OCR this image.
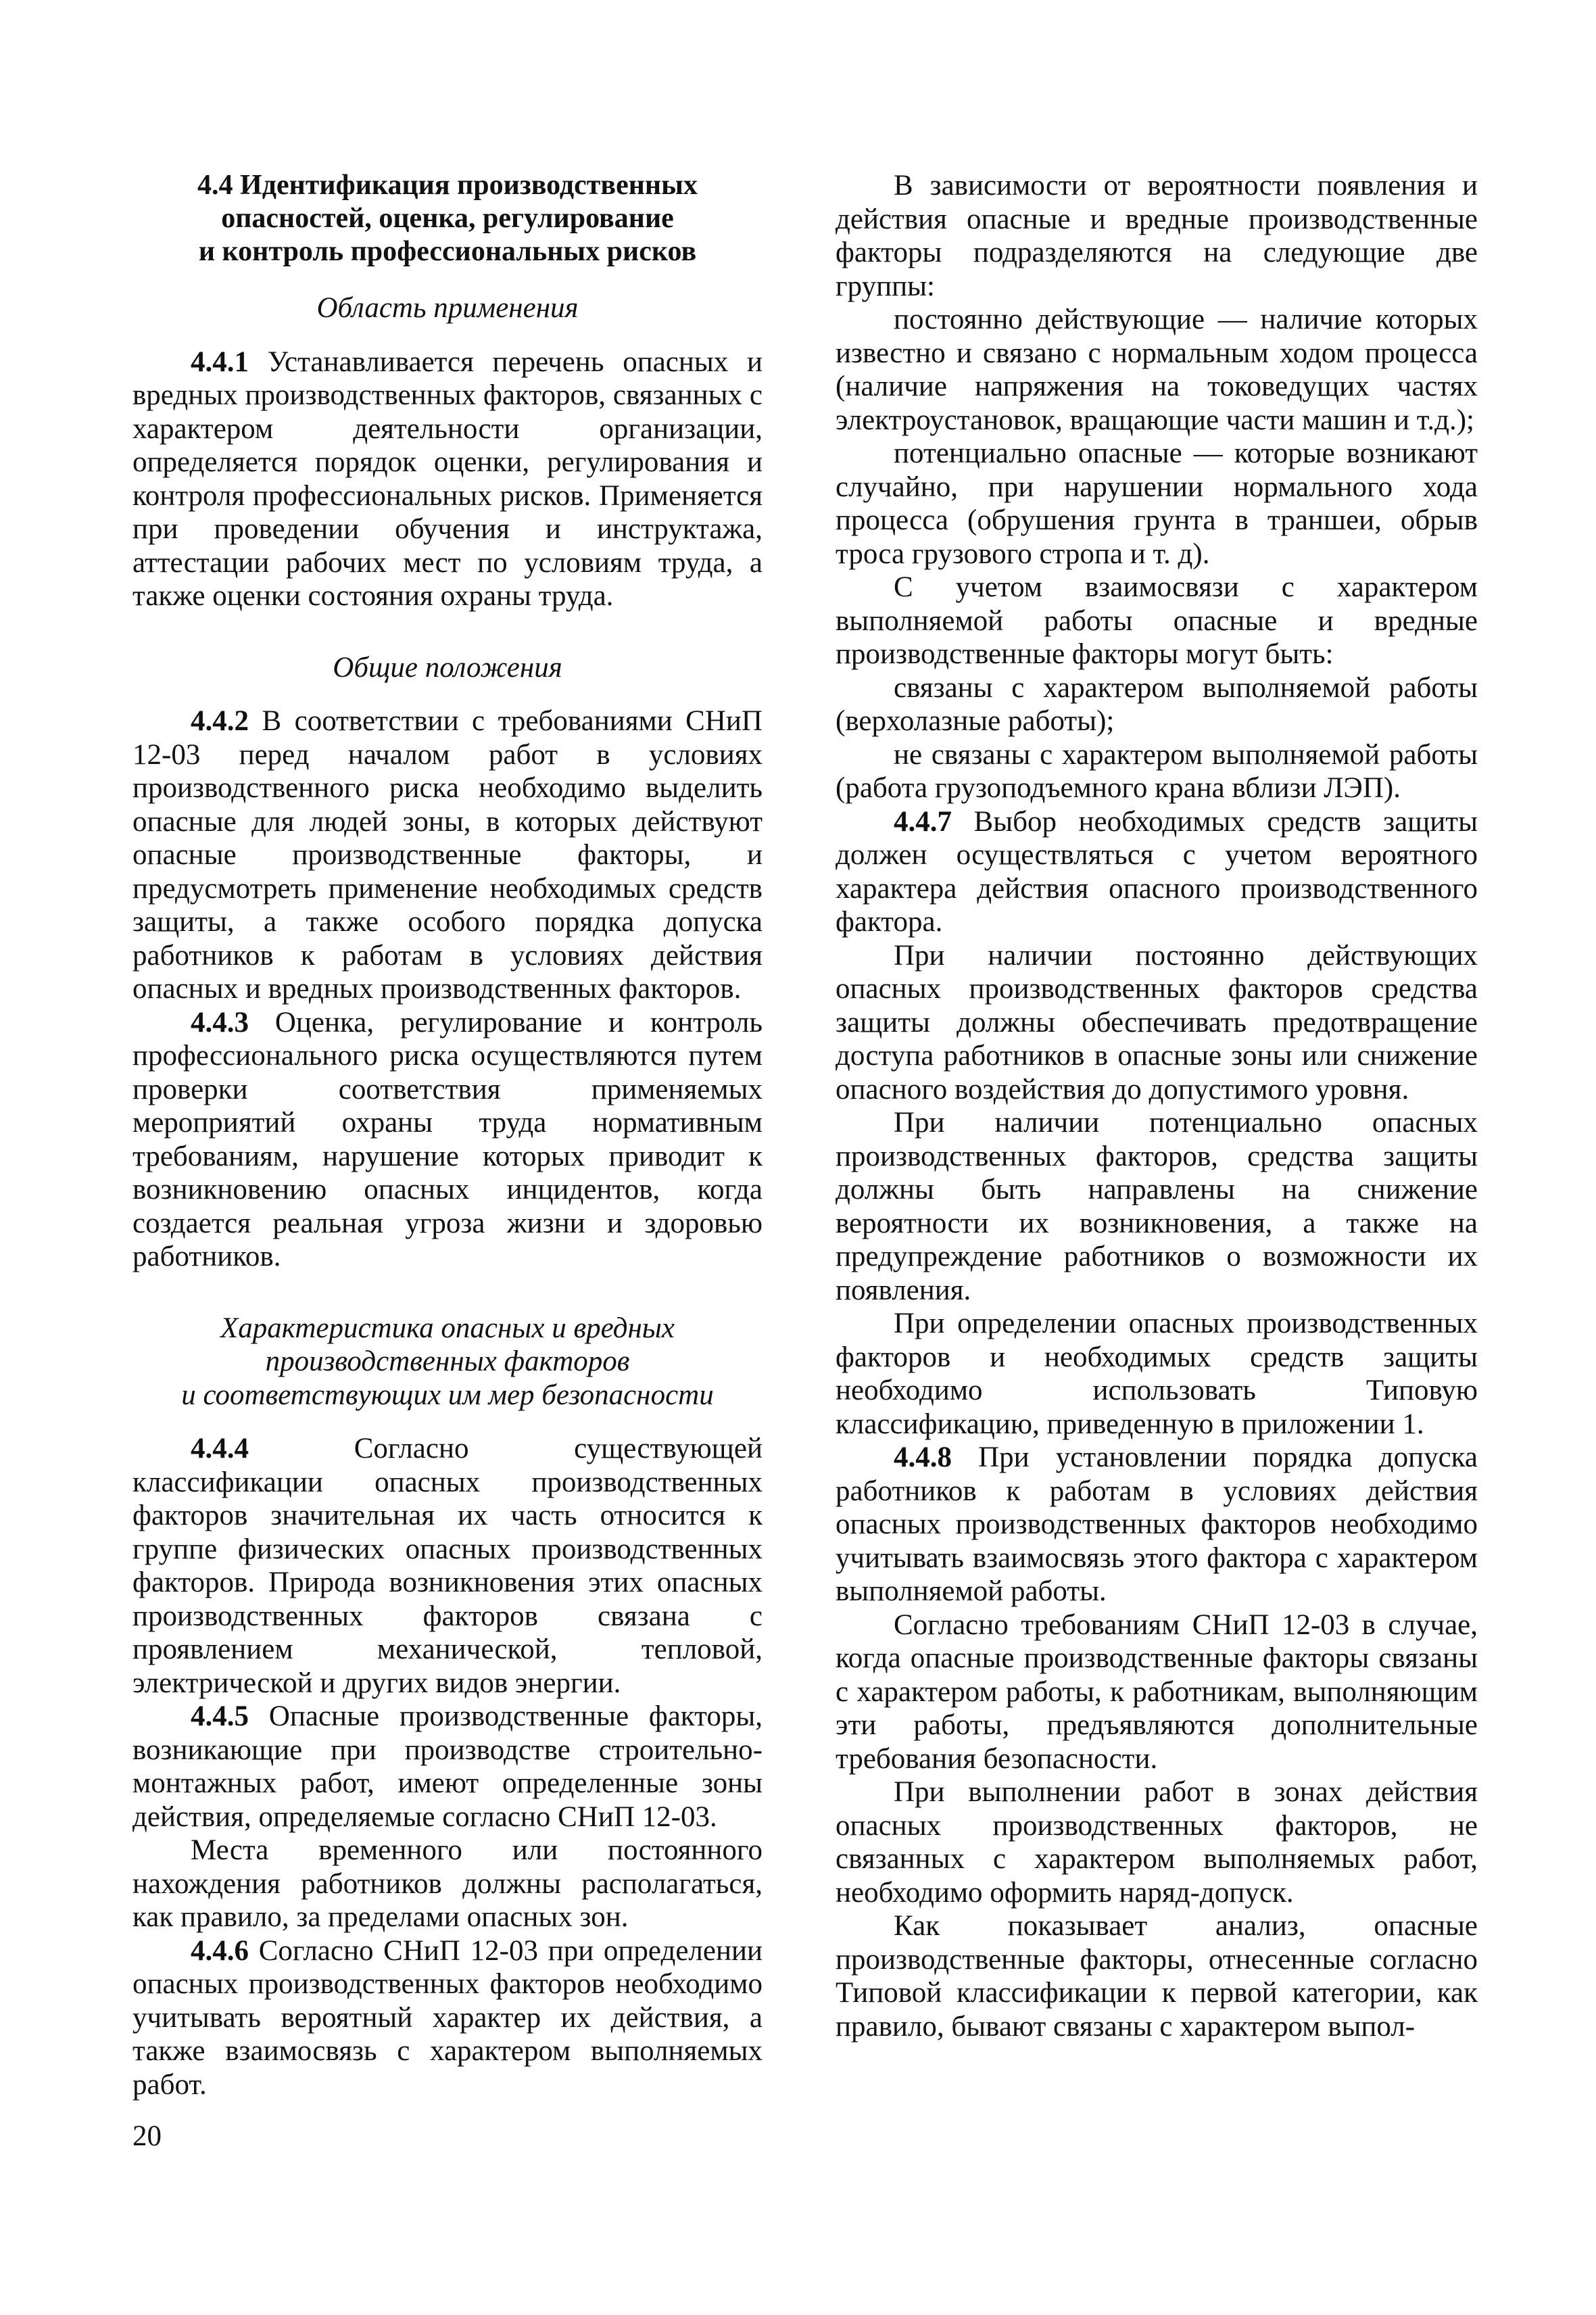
4.4 Идентификация производственных
опасностей, оценка, регулирование
и контроль профессиональных рисков
Область применения

4.4.1 Устанавливается перечень опасных и вредных производственных факторов, связанных с характером деятельности организации, определяется порядок оценки, регулирования и контроля профессиональных рисков. Применяется при проведении обучения и инструктажа, аттестации рабочих мест по условиям труда, а также оценки состояния охраны труда.

Общие положения

4.4.2 В соответствии с требованиями СНиП 12-03 перед началом работ в условиях производственного риска необходимо выделить опасные для людей зоны, в которых действуют опасные производственные факторы, и предусмотреть применение необходимых средств защиты, а также особого порядка допуска работников к работам в условиях действия опасных и вредных производственных факторов.

4.4.3 Оценка, регулирование и контроль профессионального риска осуществляются путем проверки соответствия применяемых мероприятий охраны труда нормативным требованиям, нарушение которых приводит к возникновению опасных инцидентов, когда создается реальная угроза жизни и здоровью работников.

Характеристика опасных и вредных
производственных факторов
и соответствующих им мер безопасности

4.4.4 Согласно существующей классификации опасных производственных факторов значительная их часть относится к группе физических опасных производственных факторов. Природа возникновения этих опасных производственных факторов связана с проявлением механической, тепловой, электрической и других видов энергии.

4.4.5 Опасные производственные факторы, возникающие при производстве строительно-монтажных работ, имеют определенные зоны действия, определяемые согласно СНиП 12-03.

Места временного или постоянного нахождения работников должны располагаться, как правило, за пределами опасных зон.

4.4.6 Согласно СНиП 12-03 при определении опасных производственных факторов необходимо учитывать вероятный характер их действия, а также взаимосвязь с характером выполняемых работ.

В зависимости от вероятности появления и действия опасные и вредные производственные факторы подразделяются на следующие две группы:

постоянно действующие — наличие которых известно и связано с нормальным ходом процесса (наличие напряжения на токоведущих частях электроустановок, вращающие части машин и т.д.);

потенциально опасные — которые возникают случайно, при нарушении нормального хода процесса (обрушения грунта в траншеи, обрыв троса грузового стропа и т. д).

С учетом взаимосвязи с характером выполняемой работы опасные и вредные производственные факторы могут быть:

связаны с характером выполняемой работы (верхолазные работы);

не связаны с характером выполняемой работы (работа грузоподъемного крана вблизи ЛЭП).

4.4.7 Выбор необходимых средств защиты должен осуществляться с учетом вероятного характера действия опасного производственного фактора.

При наличии постоянно действующих опасных производственных факторов средства защиты должны обеспечивать предотвращение доступа работников в опасные зоны или снижение опасного воздействия до допустимого уровня.

При наличии потенциально опасных производственных факторов, средства защиты должны быть направлены на снижение вероятности их возникновения, а также на предупреждение работников о возможности их появления.

При определении опасных производственных факторов и необходимых средств защиты необходимо использовать Типовую классификацию, приведенную в приложении 1.

4.4.8 При установлении порядка допуска работников к работам в условиях действия опасных производственных факторов необходимо учитывать взаимосвязь этого фактора с характером выполняемой работы.

Согласно требованиям СНиП 12-03 в случае, когда опасные производственные факторы связаны с характером работы, к работникам, выполняющим эти работы, предъявляются дополнительные требования безопасности.

При выполнении работ в зонах действия опасных производственных факторов, не связанных с характером выполняемых работ, необходимо оформить наряд-допуск.

Как показывает анализ, опасные производственные факторы, отнесенные согласно Типовой классификации к первой категории, как правило, бывают связаны с характером выпол-

20
